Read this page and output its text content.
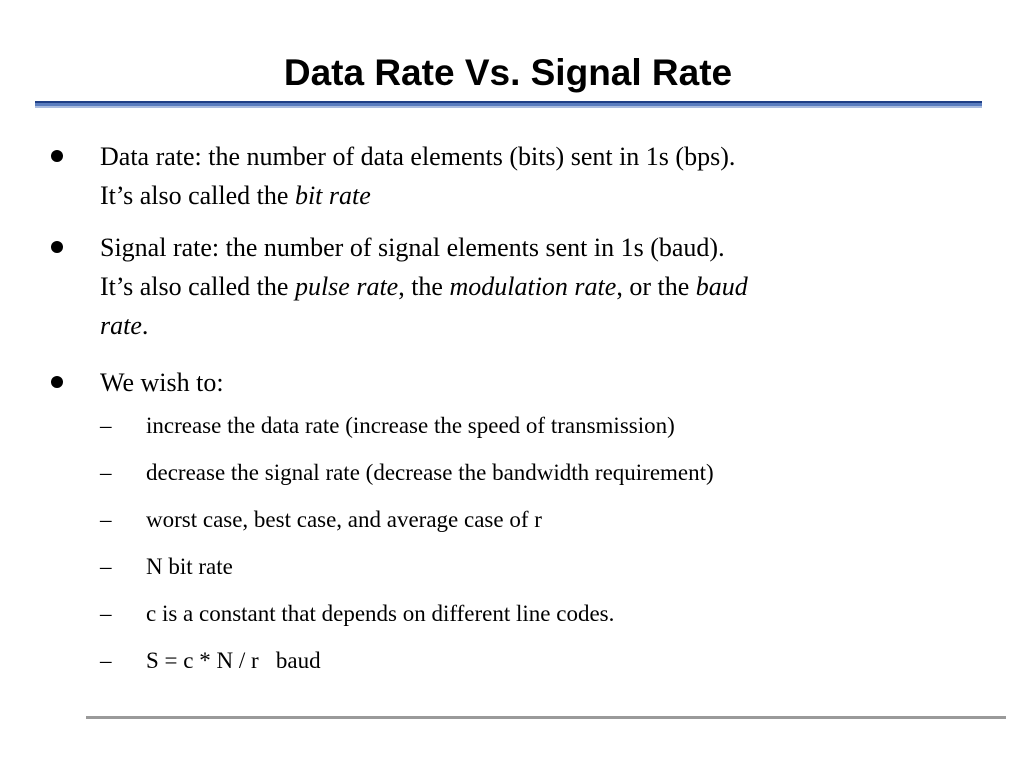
Data Rate Vs. Signal Rate
Data rate: the number of data elements (bits) sent in 1s (bps).
It’s also called the bit rate
Signal rate: the number of signal elements sent in 1s (baud).
It’s also called the pulse rate, the modulation rate, or the baud
rate.
We wish to:
– increase the data rate (increase the speed of transmission)
– decrease the signal rate (decrease the bandwidth requirement)
– worst case, best case, and average case of r
– N bit rate
– c is a constant that depends on different line codes.
– S = c * N / r   baud
